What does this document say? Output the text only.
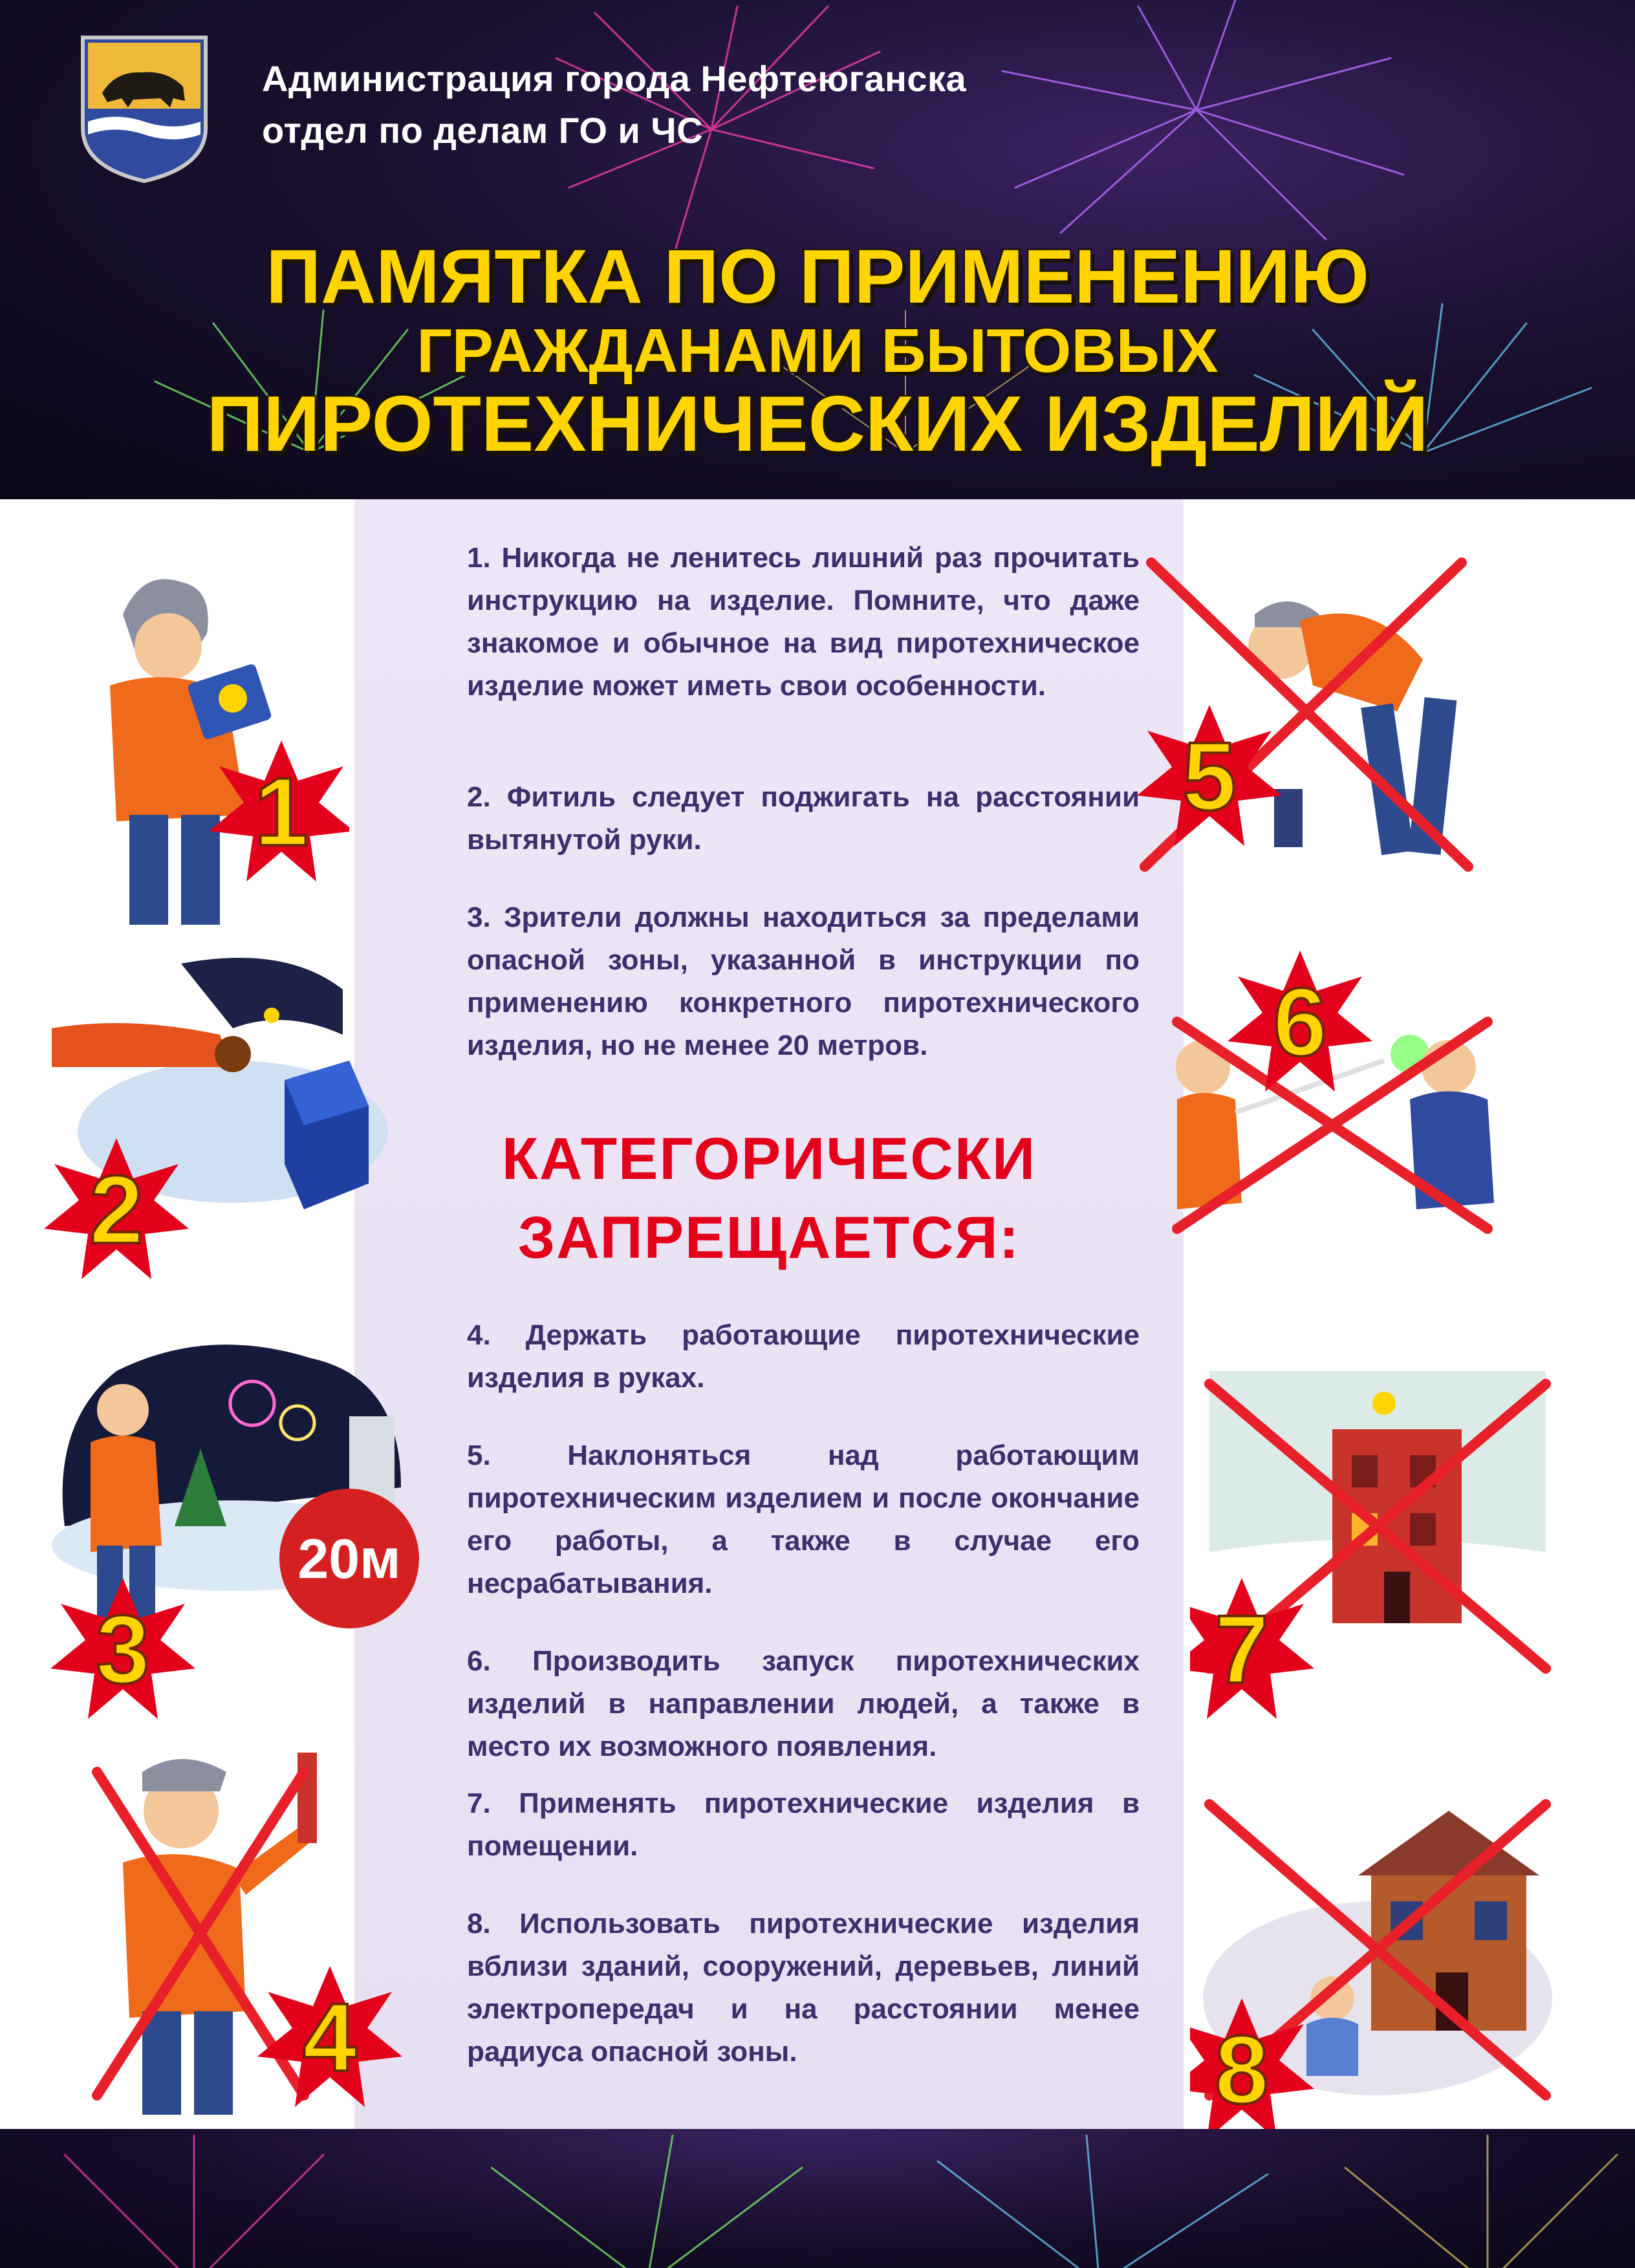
Администрация города Нефтеюганска
отдел по делам ГО и ЧС
ПАМЯТКА ПО ПРИМЕНЕНИЮ
ГРАЖДАНАМИ БЫТОВЫХ
ПИРОТЕХНИЧЕСКИХ ИЗДЕЛИЙ
1. Никогда не ленитесь лишний раз прочитать инструкцию на изделие. Помните, что даже знакомое и обычное на вид пиротехническое изделие может иметь свои особенности.
2. Фитиль следует поджигать на расстоянии вытянутой руки.
3. Зрители должны находиться за пределами опасной зоны, указанной в инструкции по применению конкретного пиротехнического изделия, но не менее 20 метров.
КАТЕГОРИЧЕСКИ
ЗАПРЕЩАЕТСЯ:
4. Держать работающие пиротехнические изделия в руках.
5. Наклоняться над работающим пиротехническим изделием и после окончание его работы, а также в случае его несрабатывания.
6. Производить запуск пиротехнических изделий в направлении людей, а также в место их возможного появления.
7. Применять пиротехнические изделия в помещении.
8. Использовать пиротехнические изделия вблизи зданий, сооружений, деревьев, линий электропередач и на расстоянии менее радиуса опасной зоны.
1
2
20м
3
4
5
6
7
8
